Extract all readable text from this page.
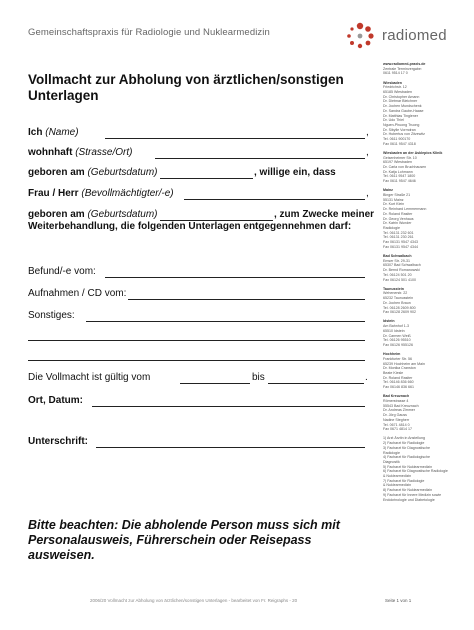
Gemeinschaftspraxis für Radiologie und Nuklearmedizin	radiomed
Vollmacht zur Abholung von ärztlichen/sonstigen Unterlagen
Ich (Name)	,
wohnhaft (Strasse/Ort)	,
geboren am (Geburtsdatum)	, willige ein, dass
Frau / Herr (Bevollmächtigter/-e)	,
geboren am (Geburtsdatum)	, zum Zwecke meiner
Weiterbehandlung, die folgenden Unterlagen entgegennehmen darf:
Befund/-e vom:
Aufnahmen / CD vom:
Sonstiges:
Die Vollmacht ist gültig vom	bis	.
Ort, Datum:
Unterschrift:
Bitte beachten: Die abholende Person muss sich mit Personalausweis, Führerschein oder Reisepass ausweisen.
www.radiomed-praxis.de
Zentrale Terminvergabe:
0611 9514 17 0
Wiesbaden
Friedrichstr. 12
65185 Wiesbaden
Dr. Christopher Amann
Dr. Dietmar Bleichner
Dr. Jochen Mundschenk
Dr. Sandra Gaube-Haase
Dr. Matthias Tinglener
Dr. Udo Thiel
Nguen-Phuong Truong
Dr. Sibylle Vormdran
Dr. Hubertus von Zitzewitz
Tel. 0611 900170
Fax 0611 9547 4318
Wiesbaden an der Asklepios Klinik
Geisenheimer Str. 10
65197 Wiesbaden
Dr. Carla von Bruchhausen
Dr. Katja Lohmann
Tel. 0611 9547 1800
Fax 0611 9547 4646
Mainz
Binger Straße 21
55131 Mainz
Dr. Kurt Klein
Dr. Reinhard Lemmermann
Dr. Roland Rasiter
Dr. Georg Venhaus
Dr. Katrin Wunder
Radiologie
Tel. 06131 232 601
Tel. 06131 230 261
Fax 06131 9547 4343
Fax 06131 9547 4344
Bad Schwalbach
Emser Str. 29-31
65307 Bad Schwalbach
Dr. Bernd Romanowski
Tel. 06124 501 20
Fax 06124 501 4100
Taunusstein
Wehenerstr. 22
65232 Taunusstein
Dr. Jochen Braun
Tel. 06128 2609 800
Fax 06128 2609 902
Idstein
Am Bahnhof 1-3
65510 Idstein
Dr. Carmen Weiß
Tel. 06126 95510
Fax 06126 955126
Hochheim
Frankfurter Str. 56
65239 Hochheim am Main
Dr. Monika Cranston
Beate Kiesle
Dr. Roland Rasiter
Tel. 06146 836 660
Fax 06146 836 661
Bad Kreuznach
Römerstrasse 4
55543 Bad Kreuznach
Dr. Andreas Zimmer
Dr. Jörg Gauss
Nadine Stegherr
Tel. 0671 4814 0
Fax 0671 4814 17
1) Arzt Ärztin in Anstellung
2) Facharzt für Radiologie
3) Facharzt für Diagnostische
Radiologie
4) Facharzt für Radiologische
Diagnostik
5) Facharzt für Nuklearmedizin
6) Facharzt für Diagnostische Radiologie
& Nuklearmedizin
7) Facharzt für Radiologie
& Nuklearmedizin
8) Facharzt für Nuklearmedizin
9) Facharzt für Innere Medizin sowie
Endokrinologie und Diabetologie
2006/20 Vollmacht zur Abholung von ärztlichen/sonstigen Unterlagen - bearbeitet von Fr. Reigraphs - 20	Seite 1 von 1
